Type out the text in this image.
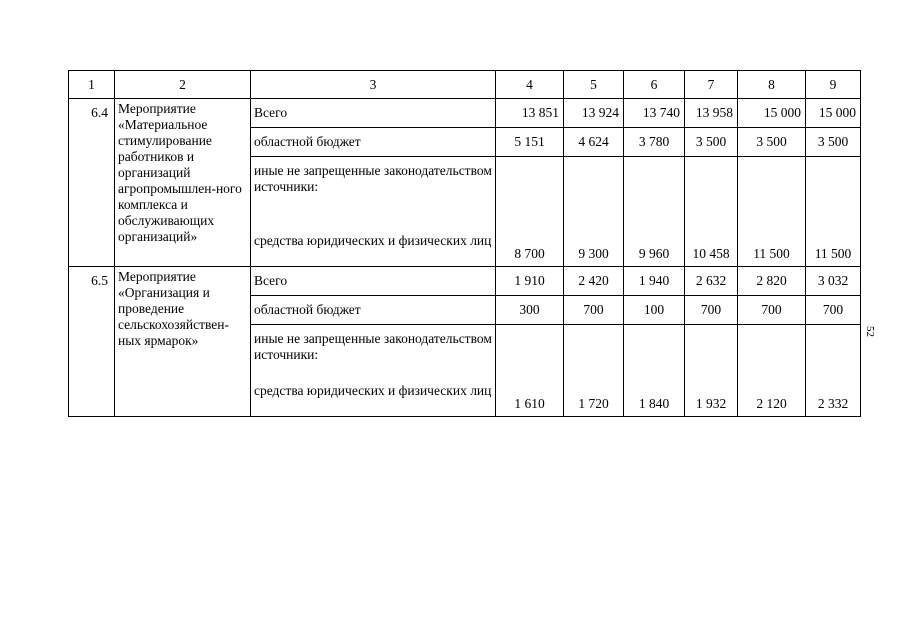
1	2	3	4	5	6	7	8	9
6.4	Мероприятие «Материальное стимулирование работников и организаций агропромышлен-ного комплекса и обслуживающих организаций»	Всего	13 851	13 924	13 740	13 958	15 000	15 000
		областной бюджет	5 151	4 624	3 780	3 500	3 500	3 500

		иные не запрещенные законодательством источники:
средства юридических и физических лиц	8 700	9 300	9 960	10 458	11 500	11 500
6.5	Мероприятие «Организация и проведение сельскохозяйствен-ных ярмарок»	Всего	1 910	2 420	1 940	2 632	2 820	3 032
		областной бюджет	300	700	100	700	700	700

		иные не запрещенные законодательством источники:
средства юридических и физических лиц	1 610	1 720	1 840	1 932	2 120	2 332
52
